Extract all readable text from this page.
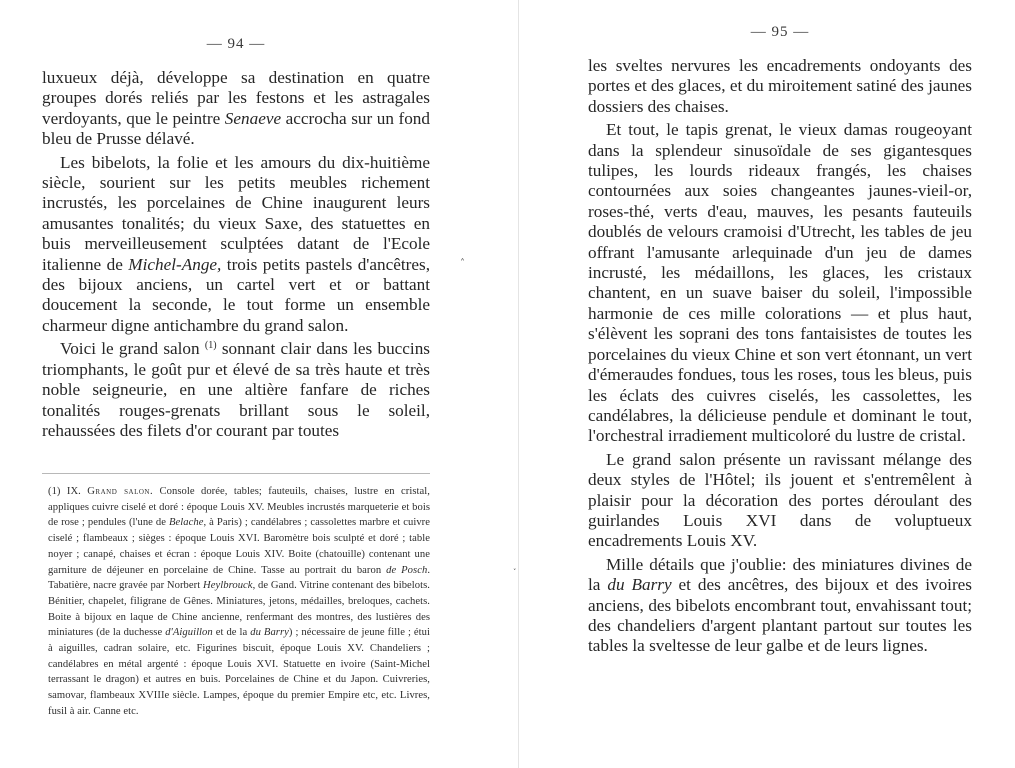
— 94 —

luxueux déjà, développe sa destination en quatre groupes dorés reliés par les festons et les astragales verdoyants, que le peintre Senaeve accrocha sur un fond bleu de Prusse délavé.

Les bibelots, la folie et les amours du dix-huitième siècle, sourient sur les petits meubles richement incrustés, les porcelaines de Chine inaugurent leurs amusantes tonalités; du vieux Saxe, des statuettes en buis merveilleusement sculptées datant de l'Ecole italienne de Michel-Ange, trois petits pastels d'ancêtres, des bijoux anciens, un cartel vert et or battant doucement la seconde, le tout forme un ensemble charmeur digne antichambre du grand salon.

Voici le grand salon $^{(1)}$ sonnant clair dans les buccins triomphants, le goût pur et élevé de sa très haute et très noble seigneurie, en une altière fanfare de riches tonalités rouges-grenats brillant sous le soleil, rehaussées des filets d'or courant par toutes

(1) IX. Grand salon. Console dorée, tables; fauteuils, chaises, lustre en cristal, appliques cuivre ciselé et doré : époque Louis XV. Meubles incrustés marqueterie et bois de rose ; pendules (l'une de Belache, à Paris) ; candélabres ; cassolettes marbre et cuivre ciselé ; flambeaux ; sièges : époque Louis XVI. Baromètre bois sculpté et doré ; table noyer ; canapé, chaises et écran : époque Louis XIV. Boite (chatouille) contenant une garniture de déjeuner en porcelaine de Chine. Tasse au portrait du baron de Posch. Tabatière, nacre gravée par Norbert Heylbrouck, de Gand. Vitrine contenant des bibelots. Bénitier, chapelet, filigrane de Gênes. Miniatures, jetons, médailles, breloques, cachets. Boite à bijoux en laque de Chine ancienne, renfermant des montres, des lustières des miniatures (de la duchesse d'Aiguillon et de la du Barry) ; nécessaire de jeune fille ; étui à aiguilles, cadran solaire, etc. Figurines biscuit, époque Louis XV. Chandeliers ; candélabres en métal argenté : époque Louis XVI. Statuette en ivoire (Saint-Michel terrassant le dragon) et autres en buis. Porcelaines de Chine et du Japon. Cuivreries, samovar, flambeaux XVIIIe siècle. Lampes, époque du premier Empire etc, etc. Livres, fusil à air. Canne etc.
˄
˯
— 95 —

les sveltes nervures les encadrements ondoyants des portes et des glaces, et du miroitement satiné des jaunes dossiers des chaises.

Et tout, le tapis grenat, le vieux damas rougeoyant dans la splendeur sinusoïdale de ses gigantesques tulipes, les lourds rideaux frangés, les chaises contournées aux soies changeantes jaunes-vieil-or, roses-thé, verts d'eau, mauves, les pesants fauteuils doublés de velours cramoisi d'Utrecht, les tables de jeu offrant l'amusante arlequinade d'un jeu de dames incrusté, les médaillons, les glaces, les cristaux chantent, en un suave baiser du soleil, l'impossible harmonie de ces mille colorations — et plus haut, s'élèvent les soprani des tons fantaisistes de toutes les porcelaines du vieux Chine et son vert étonnant, un vert d'émeraudes fondues, tous les roses, tous les bleus, puis les éclats des cuivres ciselés, les cassolettes, les candélabres, la délicieuse pendule et dominant le tout, l'orchestral irradiement multicoloré du lustre de cristal.

Le grand salon présente un ravissant mélange des deux styles de l'Hôtel; ils jouent et s'entremêlent à plaisir pour la décoration des portes déroulant des guirlandes Louis XVI dans de voluptueux encadrements Louis XV.

Mille détails que j'oublie: des miniatures divines de la du Barry et des ancêtres, des bijoux et des ivoires anciens, des bibelots encombrant tout, envahissant tout; des chandeliers d'argent plantant partout sur toutes les tables la sveltesse de leur galbe et de leurs lignes.
